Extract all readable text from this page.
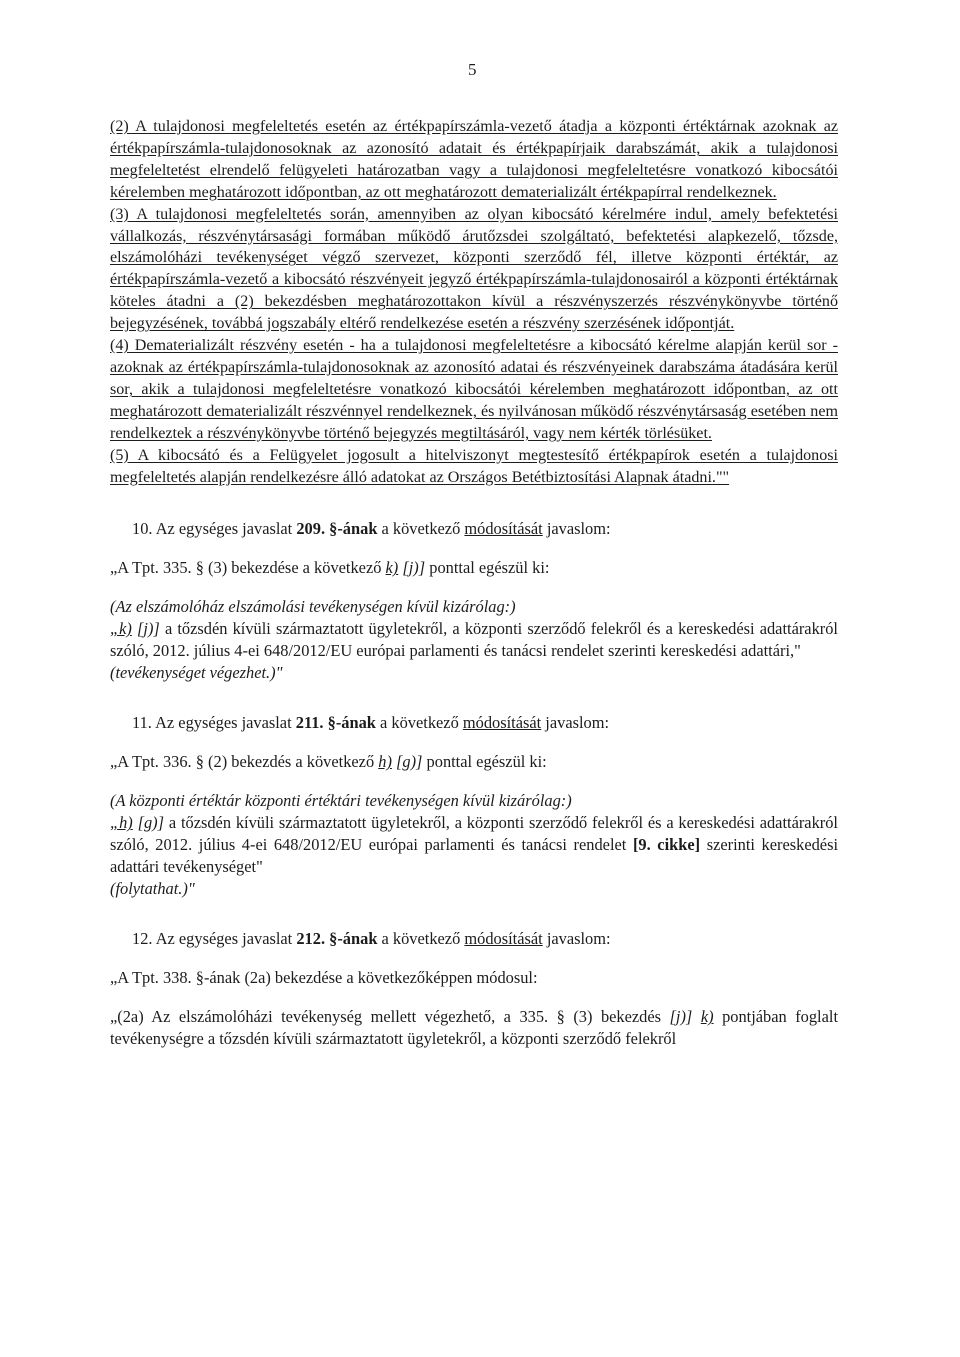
5

(2) A tulajdonosi megfeleltetés esetén az értékpapírszámla-vezető átadja a központi értéktárnak azoknak az értékpapírszámla-tulajdonosoknak az azonosító adatait és értékpapírjaik darabszámát, akik a tulajdonosi megfeleltetést elrendelő felügyeleti határozatban vagy a tulajdonosi megfeleltetésre vonatkozó kibocsátói kérelemben meghatározott időpontban, az ott meghatározott dematerializált értékpapírral rendelkeznek.

(3) A tulajdonosi megfeleltetés során, amennyiben az olyan kibocsátó kérelmére indul, amely befektetési vállalkozás, részvénytársasági formában működő árutőzsdei szolgáltató, befektetési alapkezelő, tőzsde, elszámolóházi tevékenységet végző szervezet, központi szerződő fél, illetve központi értéktár, az értékpapírszámla-vezető a kibocsátó részvényeit jegyző értékpapírszámla-tulajdonosairól a központi értéktárnak köteles átadni a (2) bekezdésben meghatározottakon kívül a részvényszerzés részvénykönyvbe történő bejegyzésének, továbbá jogszabály eltérő rendelkezése esetén a részvény szerzésének időpontját.

(4) Dematerializált részvény esetén - ha a tulajdonosi megfeleltetésre a kibocsátó kérelme alapján kerül sor - azoknak az értékpapírszámla-tulajdonosoknak az azonosító adatai és részvényeinek darabszáma átadására kerül sor, akik a tulajdonosi megfeleltetésre vonatkozó kibocsátói kérelemben meghatározott időpontban, az ott meghatározott dematerializált részvénnyel rendelkeznek, és nyilvánosan működő részvénytársaság esetében nem rendelkeztek a részvénykönyvbe történő bejegyzés megtiltásáról, vagy nem kérték törlésüket.

(5) A kibocsátó és a Felügyelet jogosult a hitelviszonyt megtestesítő értékpapírok esetén a tulajdonosi megfeleltetés alapján rendelkezésre álló adatokat az Országos Betétbiztosítási Alapnak átadni.""

10. Az egységes javaslat 209. §-ának a következő módosítását javaslom:

„A Tpt. 335. § (3) bekezdése a következő k) [j)] ponttal egészül ki:

(Az elszámolóház elszámolási tevékenységen kívül kizárólag:)

„k) [j)] a tőzsdén kívüli származtatott ügyletekről, a központi szerződő felekről és a kereskedési adattárakról szóló, 2012. július 4-ei 648/2012/EU európai parlamenti és tanácsi rendelet szerinti kereskedési adattári,"

(tevékenységet végezhet.)"

11. Az egységes javaslat 211. §-ának a következő módosítását javaslom:

„A Tpt. 336. § (2) bekezdés a következő h) [g)] ponttal egészül ki:

(A központi értéktár központi értéktári tevékenységen kívül kizárólag:)

„h) [g)] a tőzsdén kívüli származtatott ügyletekről, a központi szerződő felekről és a kereskedési adattárakról szóló, 2012. július 4-ei 648/2012/EU európai parlamenti és tanácsi rendelet [9. cikke] szerinti kereskedési adattári tevékenységet"

(folytathat.)"

12. Az egységes javaslat 212. §-ának a következő módosítását javaslom:

„A Tpt. 338. §-ának (2a) bekezdése a következőképpen módosul:

„(2a) Az elszámolóházi tevékenység mellett végezhető, a 335. § (3) bekezdés [j)] k) pontjában foglalt tevékenységre a tőzsdén kívüli származtatott ügyletekről, a központi szerződő felekről
